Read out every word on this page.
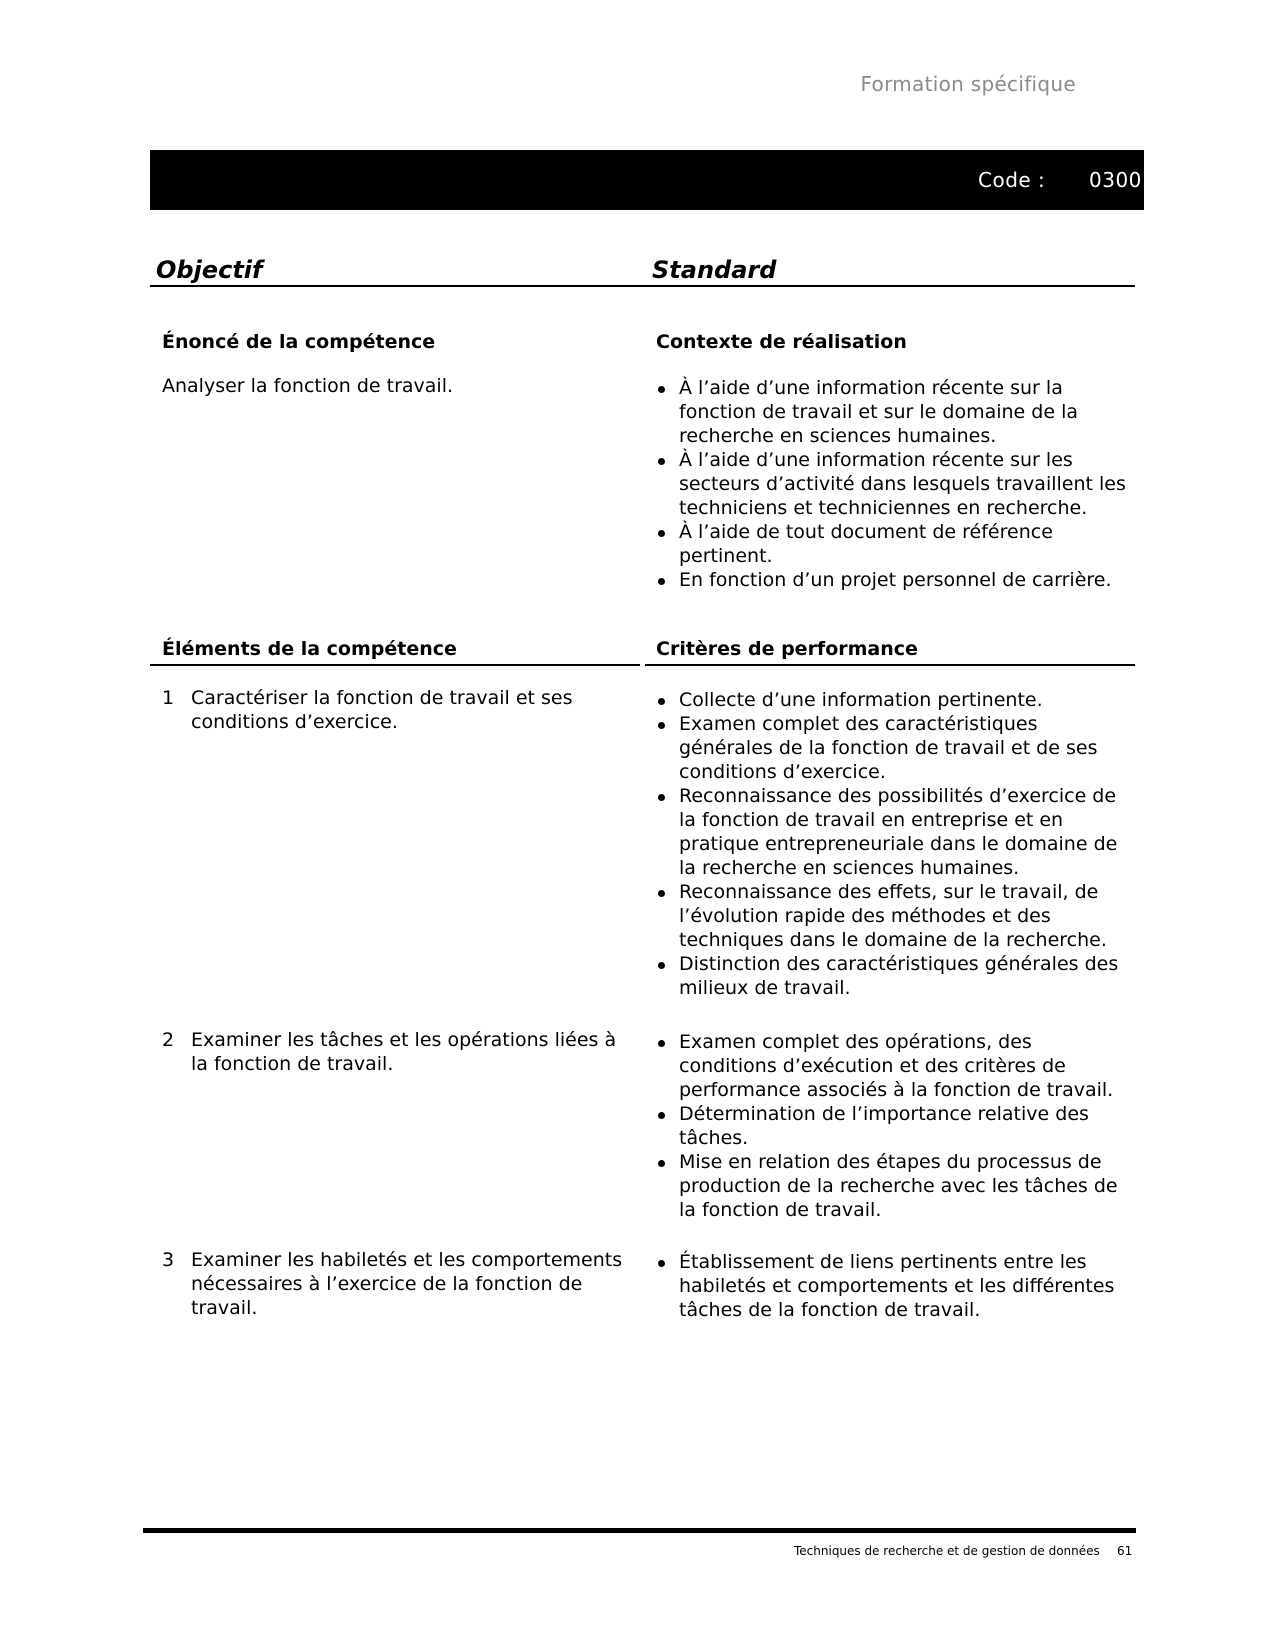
Formation spécifique
Code : 0300
Objectif	Standard
Énoncé de la compétence
Analyser la fonction de travail.
Contexte de réalisation
À l’aide d’une information récente sur la fonction de travail et sur le domaine de la recherche en sciences humaines.
À l’aide d’une information récente sur les secteurs d’activité dans lesquels travaillent les techniciens et techniciennes en recherche.
À l’aide de tout document de référence pertinent.
En fonction d’un projet personnel de carrière.
Éléments de la compétence	Critères de performance
1 Caractériser la fonction de travail et ses conditions d’exercice.
Collecte d’une information pertinente.
Examen complet des caractéristiques générales de la fonction de travail et de ses conditions d’exercice.
Reconnaissance des possibilités d’exercice de la fonction de travail en entreprise et en pratique entrepreneuriale dans le domaine de la recherche en sciences humaines.
Reconnaissance des effets, sur le travail, de l’évolution rapide des méthodes et des techniques dans le domaine de la recherche.
Distinction des caractéristiques générales des milieux de travail.
2 Examiner les tâches et les opérations liées à la fonction de travail.
Examen complet des opérations, des conditions d’exécution et des critères de performance associés à la fonction de travail.
Détermination de l’importance relative des tâches.
Mise en relation des étapes du processus de production de la recherche avec les tâches de la fonction de travail.
3 Examiner les habiletés et les comportements nécessaires à l’exercice de la fonction de travail.
Établissement de liens pertinents entre les habiletés et comportements et les différentes tâches de la fonction de travail.
Techniques de recherche et de gestion de données 61
